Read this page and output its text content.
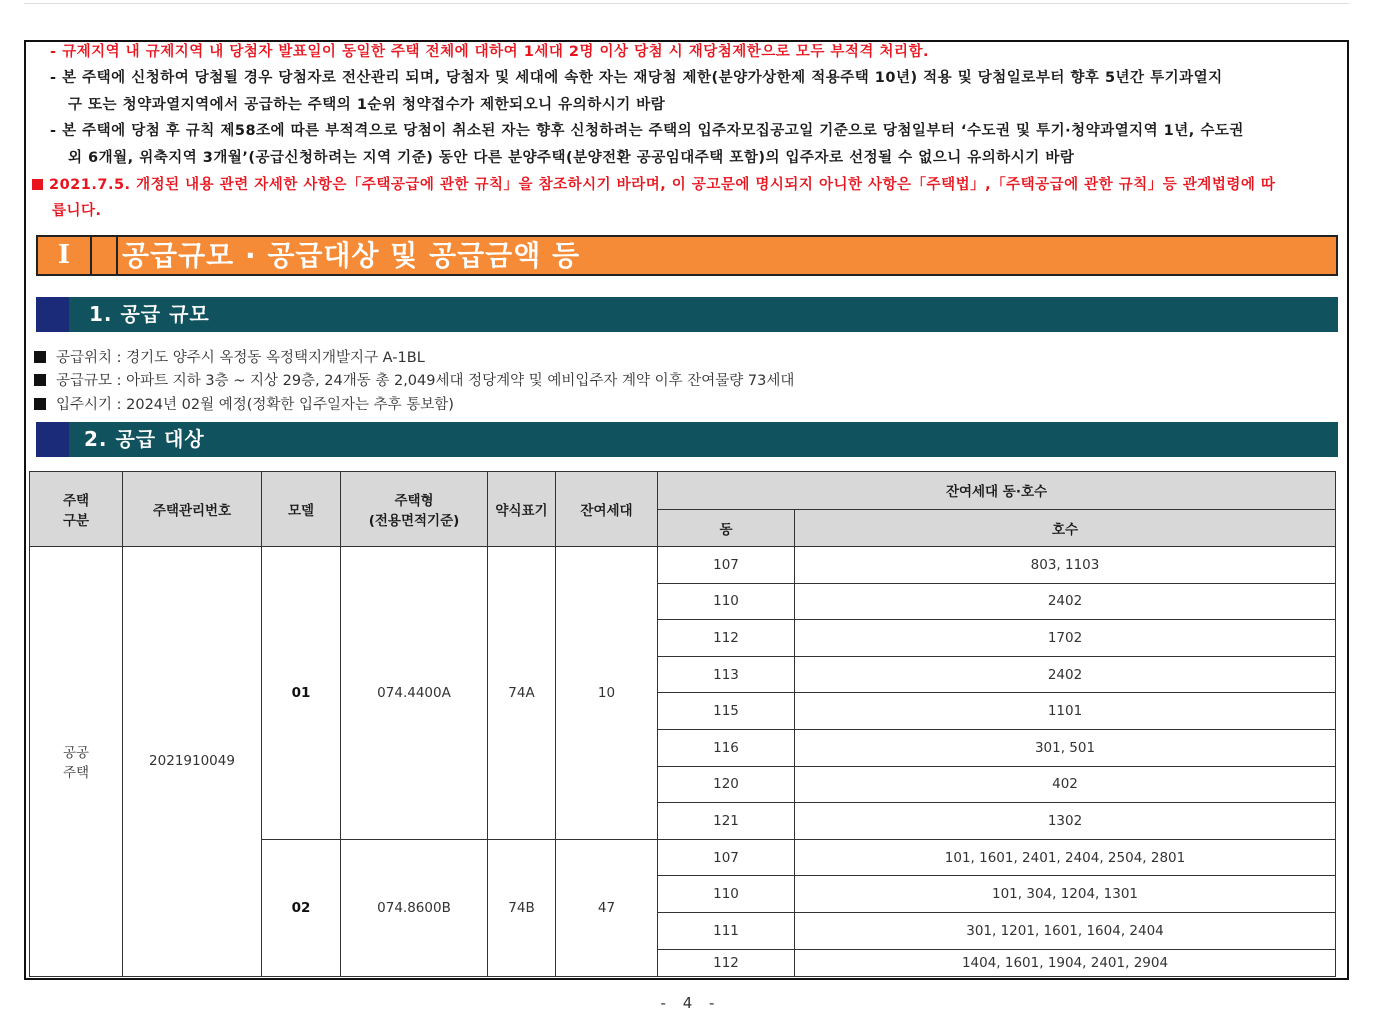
- 규제지역 내 규제지역 내 당첨자 발표일이 동일한 주택 전체에 대하여 1세대 2명 이상 당첨 시 재당첨제한으로 모두 부적격 처리함.
- 본 주택에 신청하여 당첨될 경우 당첨자로 전산관리 되며, 당첨자 및 세대에 속한 자는 재당첨 제한(분양가상한제 적용주택 10년) 적용 및 당첨일로부터 향후 5년간 투기과열지
구 또는 청약과열지역에서 공급하는 주택의 1순위 청약접수가 제한되오니 유의하시기 바람
- 본 주택에 당첨 후 규칙 제58조에 따른 부적격으로 당첨이 취소된 자는 향후 신청하려는 주택의 입주자모집공고일 기준으로 당첨일부터 ‘수도권 및 투기·청약과열지역 1년, 수도권
외 6개월, 위축지역 3개월’(공급신청하려는 지역 기준) 동안 다른 분양주택(분양전환 공공임대주택 포함)의 입주자로 선정될 수 없으니 유의하시기 바람
2021.7.5. 개정된 내용 관련 자세한 사항은「주택공급에 관한 규칙」을 참조하시기 바라며, 이 공고문에 명시되지 아니한 사항은「주택법」,「주택공급에 관한 규칙」등 관계법령에 따
릅니다.
Ⅰ	공급규모 · 공급대상 및 공급금액 등
1. 공급 규모
공급위치 : 경기도 양주시 옥정동 옥정택지개발지구 A-1BL
공급규모 : 아파트 지하 3층 ~ 지상 29층, 24개동 총 2,049세대 정당계약 및 예비입주자 계약 이후 잔여물량 73세대
입주시기 : 2024년 02월 예정(정확한 입주일자는 추후 통보함)
2. 공급 대상
주택
구분	주택관리번호	모델	주택형
(전용면적기준)	약식표기	잔여세대	잔여세대 동·호수	
						동	호수
공공
주택	2021910049	01	074.4400A	74A	10	107	803, 1103
						110	2402
						112	1702
						113	2402
						115	1101
						116	301, 501
						120	402
						121	1302
		02	074.8600B	74B	47	107	101, 1601, 2401, 2404, 2504, 2801
						110	101, 304, 1204, 1301
						111	301, 1201, 1601, 1604, 2404
						112	1404, 1601, 1904, 2401, 2904
- 4 -
